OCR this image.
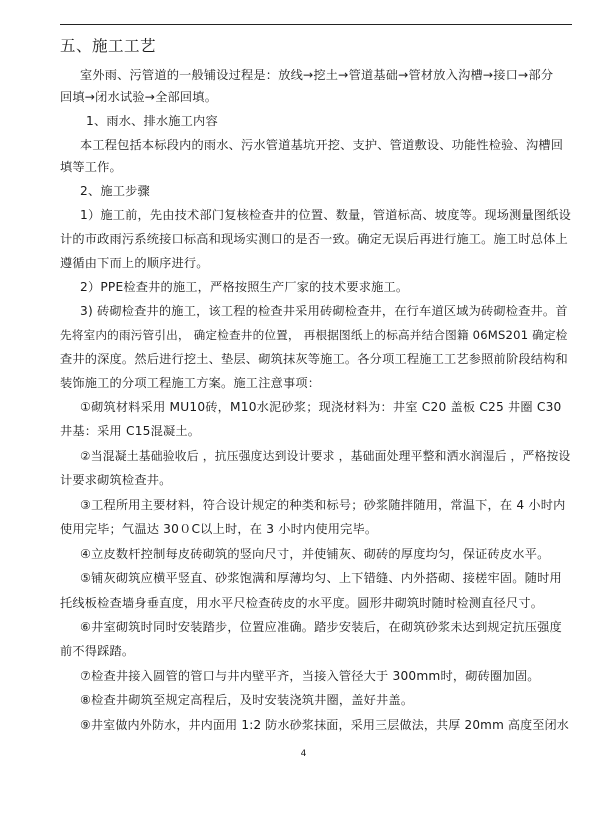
五、施工工艺
室外雨、污管道的一般铺设过程是：放线→挖土→管道基础→管材放入沟槽→接口→部分
回填→闭水试验→全部回填。
1、雨水、排水施工内容
本工程包括本标段内的雨水、污水管道基坑开挖、支护、管道敷设、功能性检验、沟槽回
填等工作。
2、施工步骤
1）施工前，先由技术部门复核检查井的位置、数量，管道标高、坡度等。现场测量图纸设
计的市政雨污系统接口标高和现场实测口的是否一致。确定无误后再进行施工。施工时总体上
遵循由下而上的顺序进行。
2）PPE检查井的施工，严格按照生产厂家的技术要求施工。
3) 砖砌检查井的施工，该工程的检查井采用砖砌检查井，在行车道区域为砖砌检查井。首
先将室内的雨污管引出， 确定检查井的位置， 再根据图纸上的标高并结合图籍 06MS201 确定检
查井的深度。然后进行挖土、垫层、砌筑抹灰等施工。各分项工程施工工艺参照前阶段结构和
装饰施工的分项工程施工方案。施工注意事项：
①砌筑材料采用 MU10砖，M10水泥砂浆；现浇材料为：井室 C20 盖板 C25 井圈 C30
井基：采用 C15混凝土。
②当混凝土基础验收后 ，抗压强度达到设计要求 ，基础面处理平整和洒水润湿后 ，严格按设
计要求砌筑检查井。
③工程所用主要材料，符合设计规定的种类和标号；砂浆随拌随用，常温下，在 4 小时内
使用完毕；气温达 30０C以上时，在 3 小时内使用完毕。
④立皮数杆控制每皮砖砌筑的竖向尺寸，并使铺灰、砌砖的厚度均匀，保证砖皮水平。
⑤铺灰砌筑应横平竖直、砂浆饱满和厚薄均匀、上下错缝、内外搭砌、接槎牢固。随时用
托线板检查墙身垂直度，用水平尺检查砖皮的水平度。圆形井砌筑时随时检测直径尺寸。
⑥井室砌筑时同时安装踏步，位置应准确。踏步安装后，在砌筑砂浆未达到规定抗压强度
前不得踩踏。
⑦检查井接入圆管的管口与井内壁平齐，当接入管径大于 300mm时，砌砖圈加固。
⑧检查井砌筑至规定高程后，及时安装浇筑井圈，盖好井盖。
⑨井室做内外防水，井内面用 1:2 防水砂浆抹面，采用三层做法，共厚 20mm 高度至闭水
4
